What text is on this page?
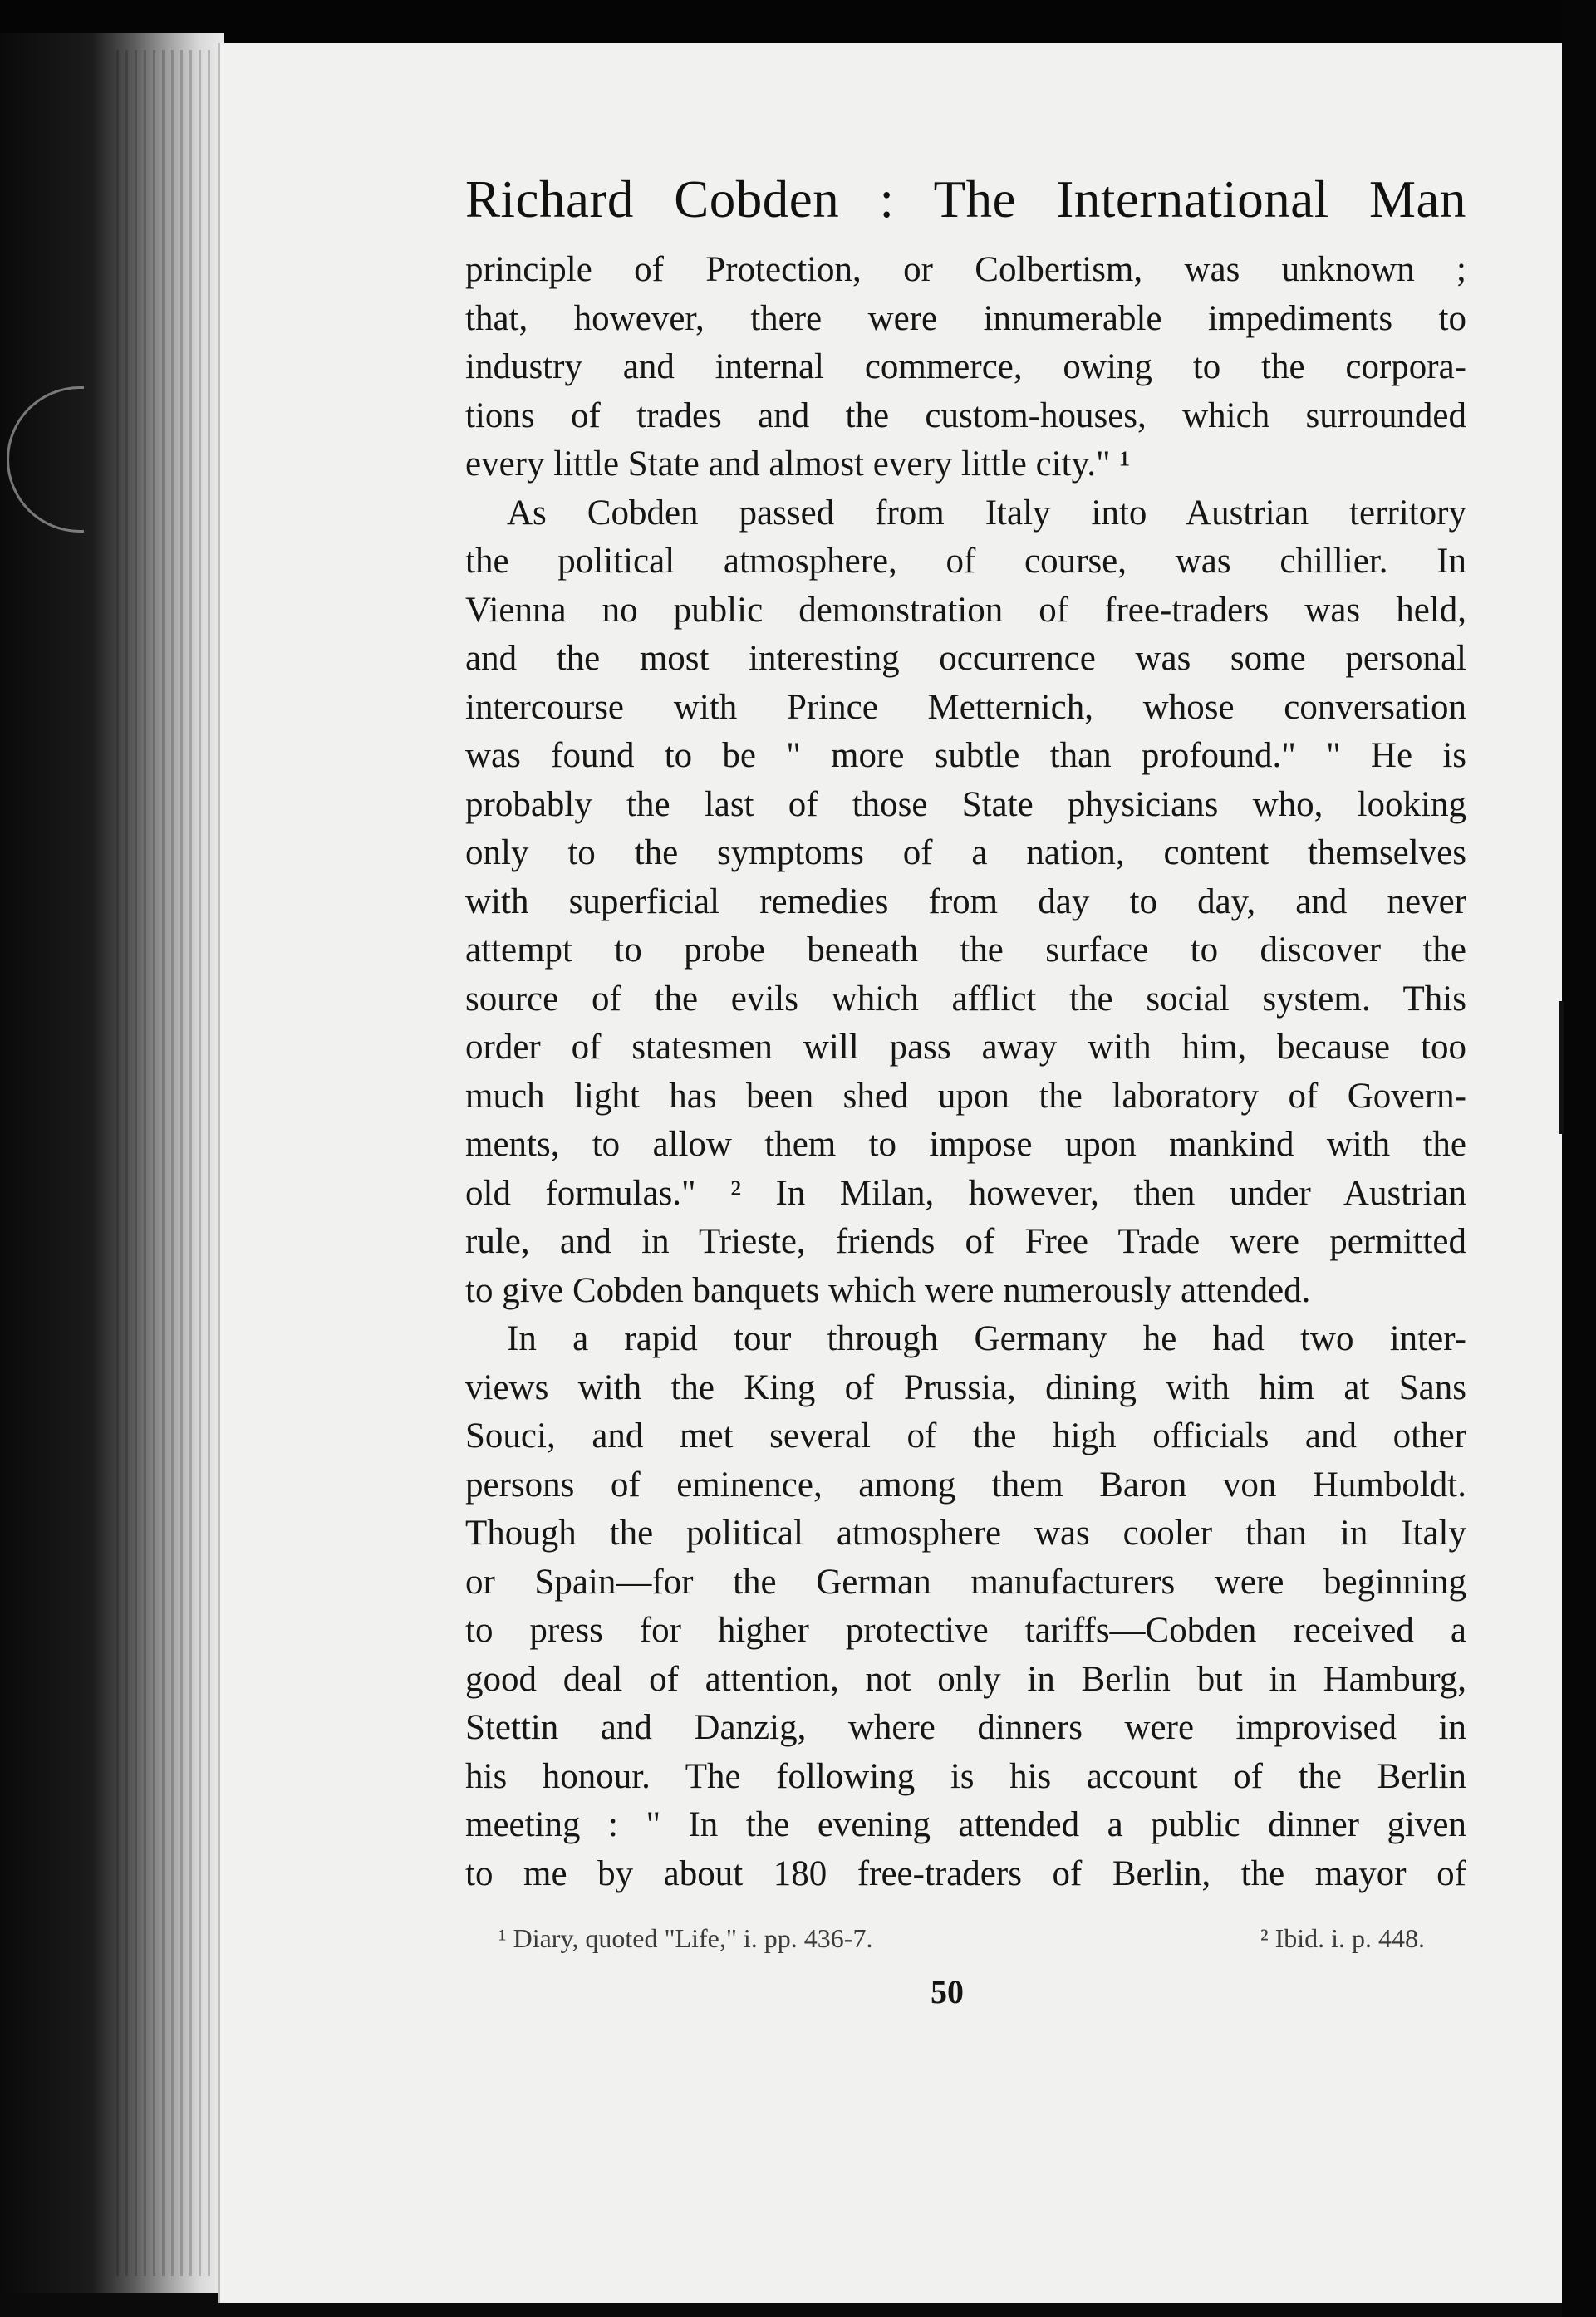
Richard Cobden : The International Man
principle of Protection, or Colbertism, was unknown ;
that, however, there were innumerable impediments to
industry and internal commerce, owing to the corpora-
tions of trades and the custom-houses, which surrounded
every little State and almost every little city." ¹
As Cobden passed from Italy into Austrian territory
the political atmosphere, of course, was chillier. In
Vienna no public demonstration of free-traders was held,
and the most interesting occurrence was some personal
intercourse with Prince Metternich, whose conversation
was found to be " more subtle than profound." " He is
probably the last of those State physicians who, looking
only to the symptoms of a nation, content themselves
with superficial remedies from day to day, and never
attempt to probe beneath the surface to discover the
source of the evils which afflict the social system. This
order of statesmen will pass away with him, because too
much light has been shed upon the laboratory of Govern-
ments, to allow them to impose upon mankind with the
old formulas." ² In Milan, however, then under Austrian
rule, and in Trieste, friends of Free Trade were permitted
to give Cobden banquets which were numerously attended.
In a rapid tour through Germany he had two inter-
views with the King of Prussia, dining with him at Sans
Souci, and met several of the high officials and other
persons of eminence, among them Baron von Humboldt.
Though the political atmosphere was cooler than in Italy
or Spain—for the German manufacturers were beginning
to press for higher protective tariffs—Cobden received a
good deal of attention, not only in Berlin but in Hamburg,
Stettin and Danzig, where dinners were improvised in
his honour. The following is his account of the Berlin
meeting : " In the evening attended a public dinner given
to me by about 180 free-traders of Berlin, the mayor of
¹ Diary, quoted "Life," i. pp. 436-7.	² Ibid. i. p. 448.
50
